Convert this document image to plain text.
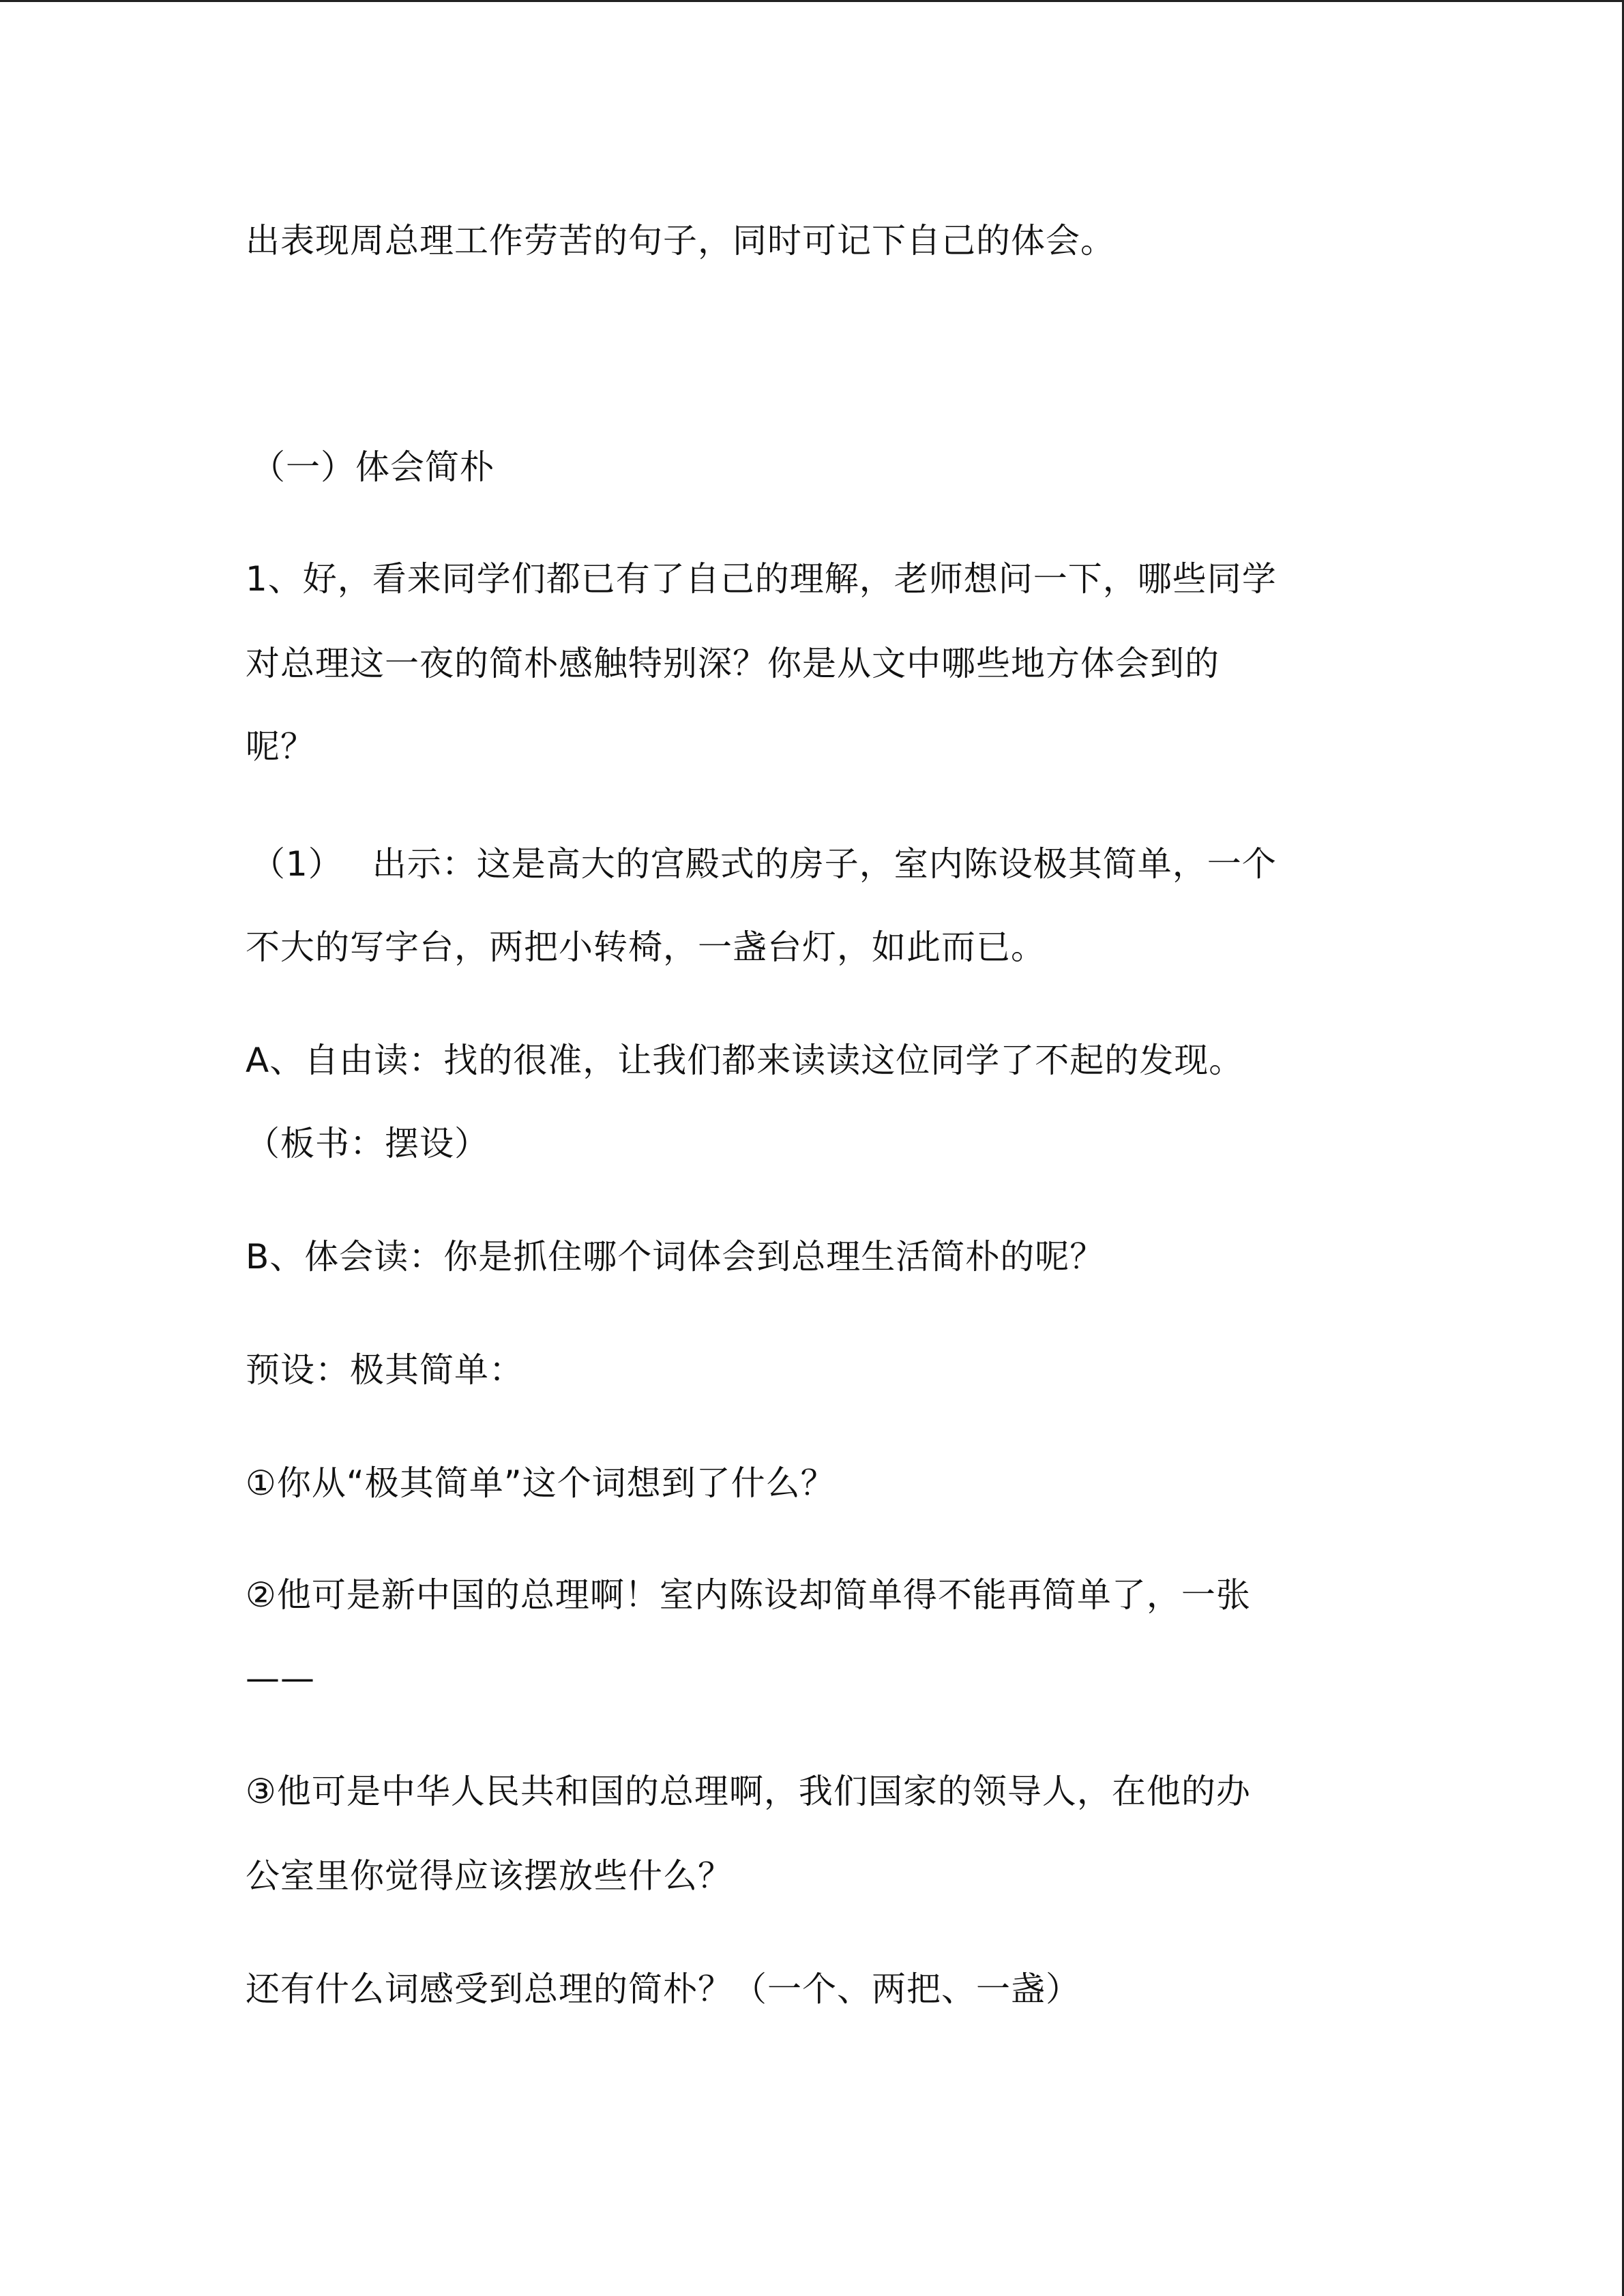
出表现周总理工作劳苦的句子，同时可记下自己的体会。

（一）体会简朴

1、好，看来同学们都已有了自己的理解，老师想问一下，哪些同学

对总理这一夜的简朴感触特别深？你是从文中哪些地方体会到的

呢？

（1）　 出示：这是高大的宫殿式的房子，室内陈设极其简单，一个

不大的写字台，两把小转椅，一盏台灯，如此而已。

A、自由读：找的很准，让我们都来读读这位同学了不起的发现。

（板书：摆设）

B、体会读：你是抓住哪个词体会到总理生活简朴的呢？

预设：极其简单：

①你从“极其简单”这个词想到了什么？

②他可是新中国的总理啊！室内陈设却简单得不能再简单了，一张

——

③他可是中华人民共和国的总理啊，我们国家的领导人，在他的办

公室里你觉得应该摆放些什么？

还有什么词感受到总理的简朴？（一个、两把、一盏）
